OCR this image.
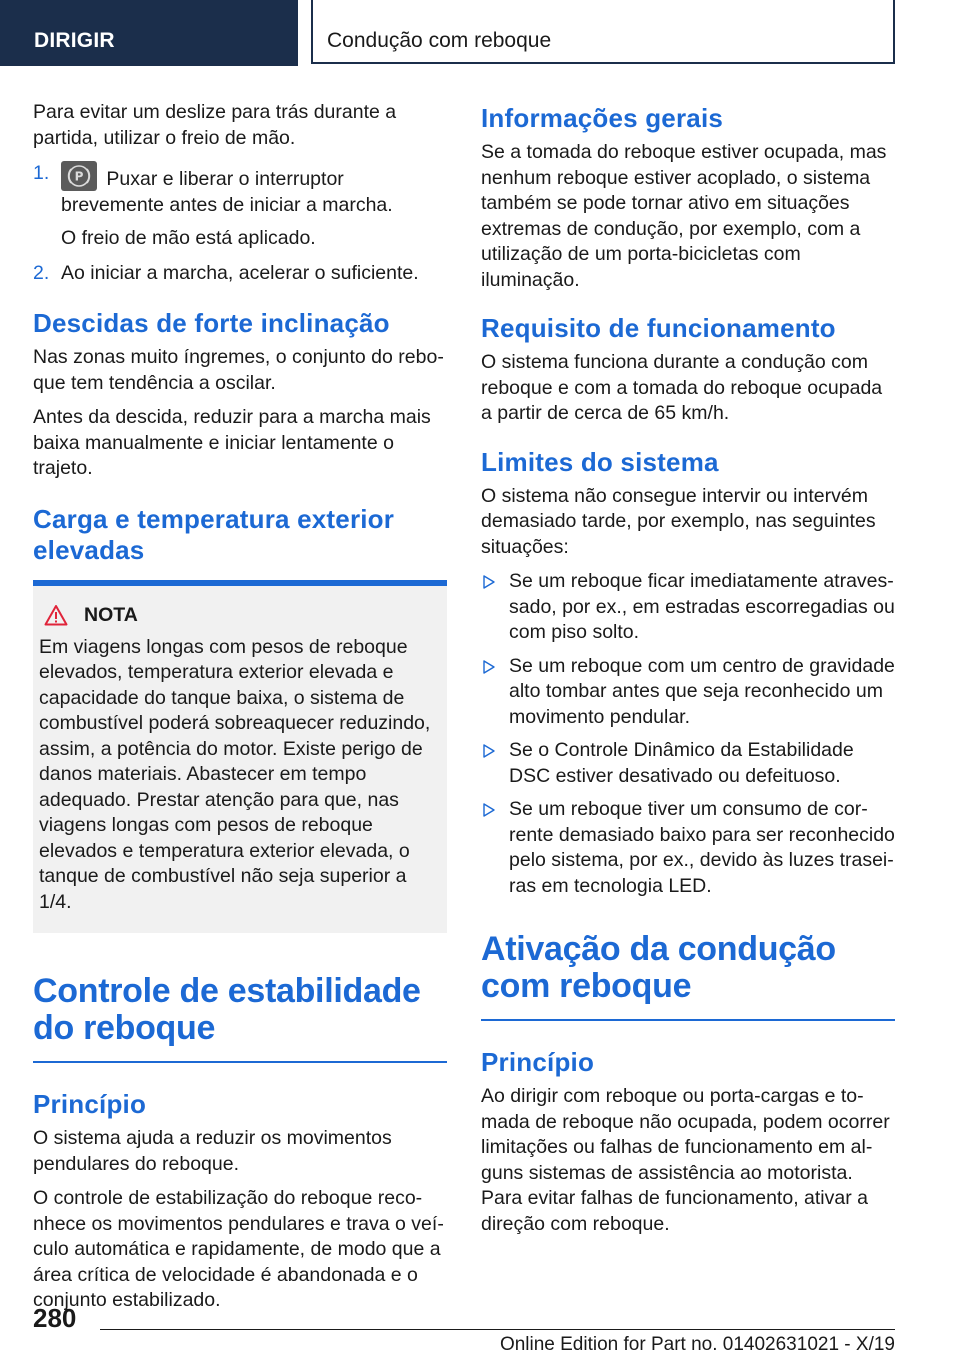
DIRIGIR	Condução com reboque

Para evitar um deslize para trás durante a partida, utilizar o freio de mão.

1. P Puxar e liberar o interruptor brevemente antes de iniciar a marcha.
O freio de mão está aplicado.
2. Ao iniciar a marcha, acelerar o suficiente.
Descidas de forte inclinação

Nas zonas muito íngremes, o conjunto do reboque tem tendência a oscilar.

Antes da descida, reduzir para a marcha mais baixa manualmente e iniciar lentamente o trajeto.

Carga e temperatura exterior elevadas
NOTA

Em viagens longas com pesos de reboque elevados, temperatura exterior elevada e capacidade do tanque baixa, o sistema de combustível poderá sobreaquecer reduzindo, assim, a potência do motor. Existe perigo de danos materiais. Abastecer em tempo adequado. Prestar atenção para que, nas viagens longas com pesos de reboque elevados e temperatura exterior elevada, o tanque de combustível não seja superior a 1/4.

Controle de estabilidade do reboque
Princípio

O sistema ajuda a reduzir os movimentos pendulares do reboque.

O controle de estabilização do reboque reconhece os movimentos pendulares e trava o veículo automática e rapidamente, de modo que a área crítica de velocidade é abandonada e o conjunto estabilizado.

Informações gerais

Se a tomada do reboque estiver ocupada, mas nenhum reboque estiver acoplado, o sistema também se pode tornar ativo em situações extremas de condução, por exemplo, com a utilização de um porta-bicicletas com iluminação.

Requisito de funcionamento

O sistema funciona durante a condução com reboque e com a tomada do reboque ocupada a partir de cerca de 65 km/h.

Limites do sistema

O sistema não consegue intervir ou intervém demasiado tarde, por exemplo, nas seguintes situações:

Se um reboque ficar imediatamente atravessado, por ex., em estradas escorregadias ou com piso solto.
Se um reboque com um centro de gravidade alto tombar antes que seja reconhecido um movimento pendular.
Se o Controle Dinâmico da Estabilidade DSC estiver desativado ou defeituoso.
Se um reboque tiver um consumo de corrente demasiado baixo para ser reconhecido pelo sistema, por ex., devido às luzes traseiras em tecnologia LED.
Ativação da condução com reboque
Princípio

Ao dirigir com reboque ou porta-cargas e tomada de reboque não ocupada, podem ocorrer limitações ou falhas de funcionamento em alguns sistemas de assistência ao motorista. Para evitar falhas de funcionamento, ativar a direção com reboque.

280
Online Edition for Part no. 01402631021 - X/19
